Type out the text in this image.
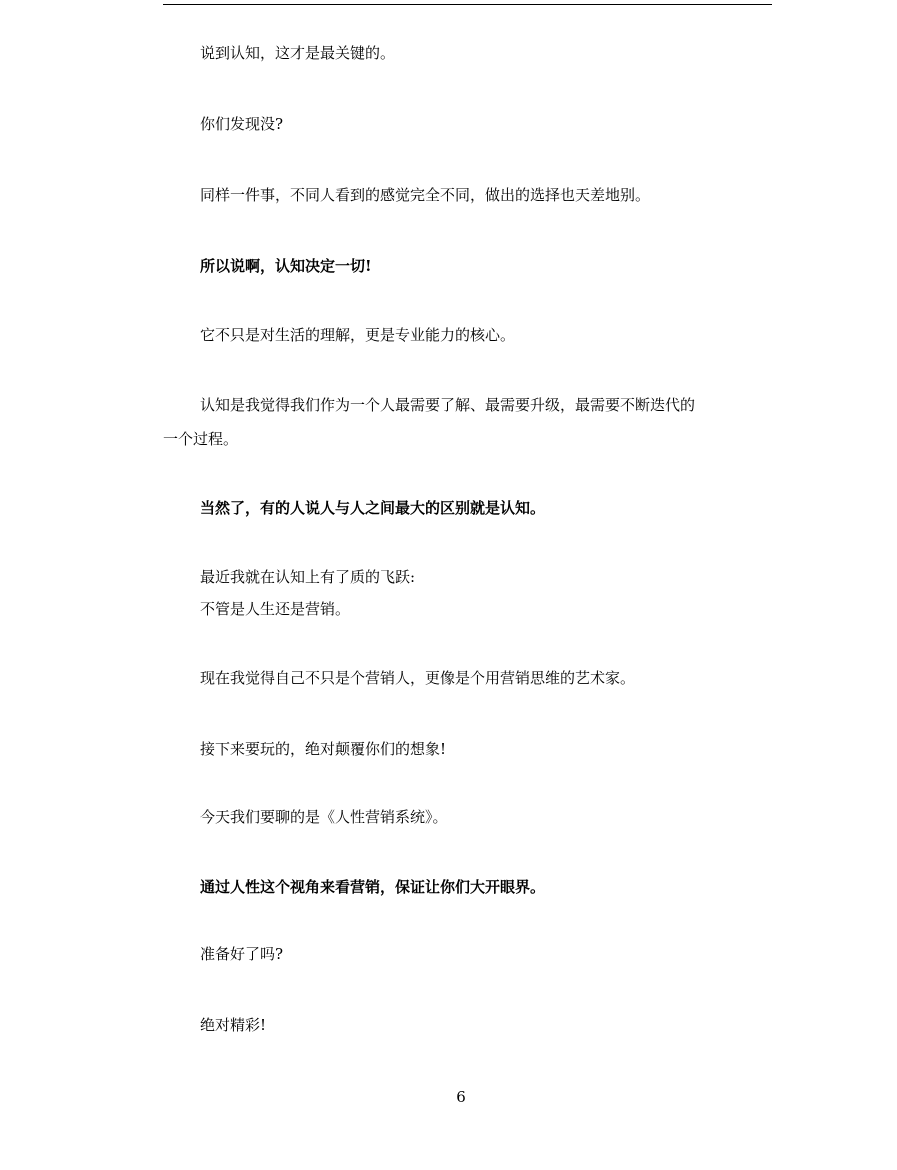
说到认知，这才是最关键的。

你们发现没?

同样一件事，不同人看到的感觉完全不同，做出的选择也天差地别。

所以说啊，认知决定一切!

它不只是对生活的理解，更是专业能力的核心。

认知是我觉得我们作为一个人最需要了解、最需要升级，最需要不断迭代的

一个过程。

当然了，有的人说人与人之间最大的区别就是认知。

最近我就在认知上有了质的飞跃:

不管是人生还是营销。

现在我觉得自己不只是个营销人，更像是个用营销思维的艺术家。

接下来要玩的，绝对颠覆你们的想象!

今天我们要聊的是《人性营销系统》。

通过人性这个视角来看营销，保证让你们大开眼界。

准备好了吗?

绝对精彩!

6
